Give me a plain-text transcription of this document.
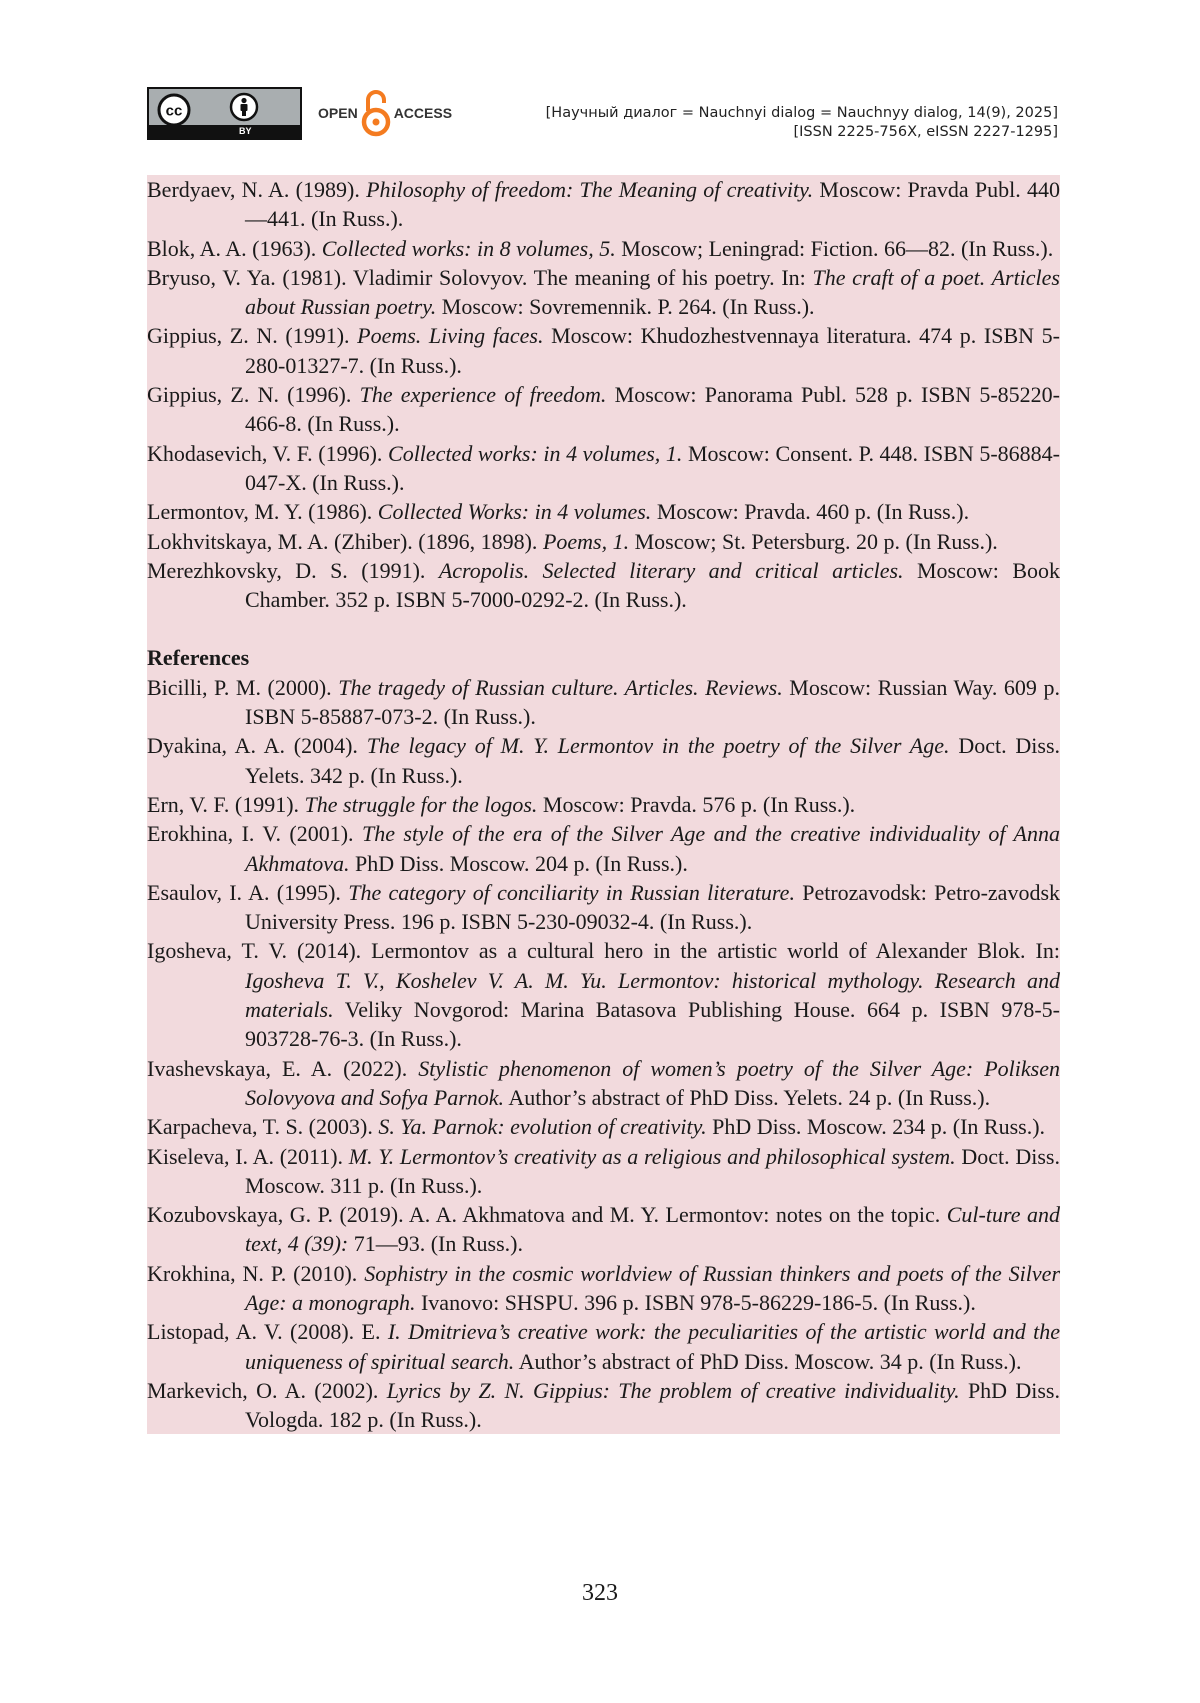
cc
BY
OPEN	ACCESS	[Научный диалог = Nauchnyi dialog = Nauchnyy dialog, 14(9), 2025]
[ISSN 2225-756X, eISSN 2227-1295]

Berdyaev, N. A. (1989). Philosophy of freedom: The Meaning of creativity. Moscow: Pravda Publ. 440—441. (In Russ.).

Blok, A. A. (1963). Collected works: in 8 volumes, 5. Moscow; Leningrad: Fiction. 66—82. (In Russ.).

Bryuso, V. Ya. (1981). Vladimir Solovyov. The meaning of his poetry. In: The craft of a poet. Articles about Russian poetry. Moscow: Sovremennik. P. 264. (In Russ.).

Gippius, Z. N. (1991). Poems. Living faces. Moscow: Khudozhestvennaya literatura. 474 p. ISBN 5-280-01327-7. (In Russ.).

Gippius, Z. N. (1996). The experience of freedom. Moscow: Panorama Publ. 528 p. ISBN 5-85220-466-8. (In Russ.).

Khodasevich, V. F. (1996). Collected works: in 4 volumes, 1. Moscow: Consent. P. 448. ISBN 5-86884-047-X. (In Russ.).

Lermontov, M. Y. (1986). Collected Works: in 4 volumes. Moscow: Pravda. 460 p. (In Russ.).

Lokhvitskaya, M. A. (Zhiber). (1896, 1898). Poems, 1. Moscow; St. Petersburg. 20 p. (In Russ.).

Merezhkovsky, D. S. (1991). Acropolis. Selected literary and critical articles. Moscow: Book Chamber. 352 p. ISBN 5-7000-0292-2. (In Russ.).

References

Bicilli, P. M. (2000). The tragedy of Russian culture. Articles. Reviews. Moscow: Russian Way. 609 p. ISBN 5-85887-073-2. (In Russ.).

Dyakina, A. A. (2004). The legacy of M. Y. Lermontov in the poetry of the Silver Age. Doct. Diss. Yelets. 342 p. (In Russ.).

Ern, V. F. (1991). The struggle for the logos. Moscow: Pravda. 576 p. (In Russ.).

Erokhina, I. V. (2001). The style of the era of the Silver Age and the creative individuality of Anna Akhmatova. PhD Diss. Moscow. 204 p. (In Russ.).

Esaulov, I. A. (1995). The category of conciliarity in Russian literature. Petrozavodsk: Petro-zavodsk University Press. 196 p. ISBN 5-230-09032-4. (In Russ.).

Igosheva, T. V. (2014). Lermontov as a cultural hero in the artistic world of Alexander Blok. In: Igosheva T. V., Koshelev V. A. M. Yu. Lermontov: historical mythology. Research and materials. Veliky Novgorod: Marina Batasova Publishing House. 664 p. ISBN 978-5-903728-76-3. (In Russ.).

Ivashevskaya, E. A. (2022). Stylistic phenomenon of women’s poetry of the Silver Age: Poliksen Solovyova and Sofya Parnok. Author’s abstract of PhD Diss. Yelets. 24 p. (In Russ.).

Karpacheva, T. S. (2003). S. Ya. Parnok: evolution of creativity. PhD Diss. Moscow. 234 p. (In Russ.).

Kiseleva, I. A. (2011). M. Y. Lermontov’s creativity as a religious and philosophical system. Doct. Diss. Moscow. 311 p. (In Russ.).

Kozubovskaya, G. P. (2019). A. A. Akhmatova and M. Y. Lermontov: notes on the topic. Cul-ture and text, 4 (39): 71—93. (In Russ.).

Krokhina, N. P. (2010). Sophistry in the cosmic worldview of Russian thinkers and poets of the Silver Age: a monograph. Ivanovo: SHSPU. 396 p. ISBN 978-5-86229-186-5. (In Russ.).

Listopad, A. V. (2008). E. I. Dmitrieva’s creative work: the peculiarities of the artistic world and the uniqueness of spiritual search. Author’s abstract of PhD Diss. Moscow. 34 p. (In Russ.).

Markevich, O. A. (2002). Lyrics by Z. N. Gippius: The problem of creative individuality. PhD Diss. Vologda. 182 p. (In Russ.).

323
